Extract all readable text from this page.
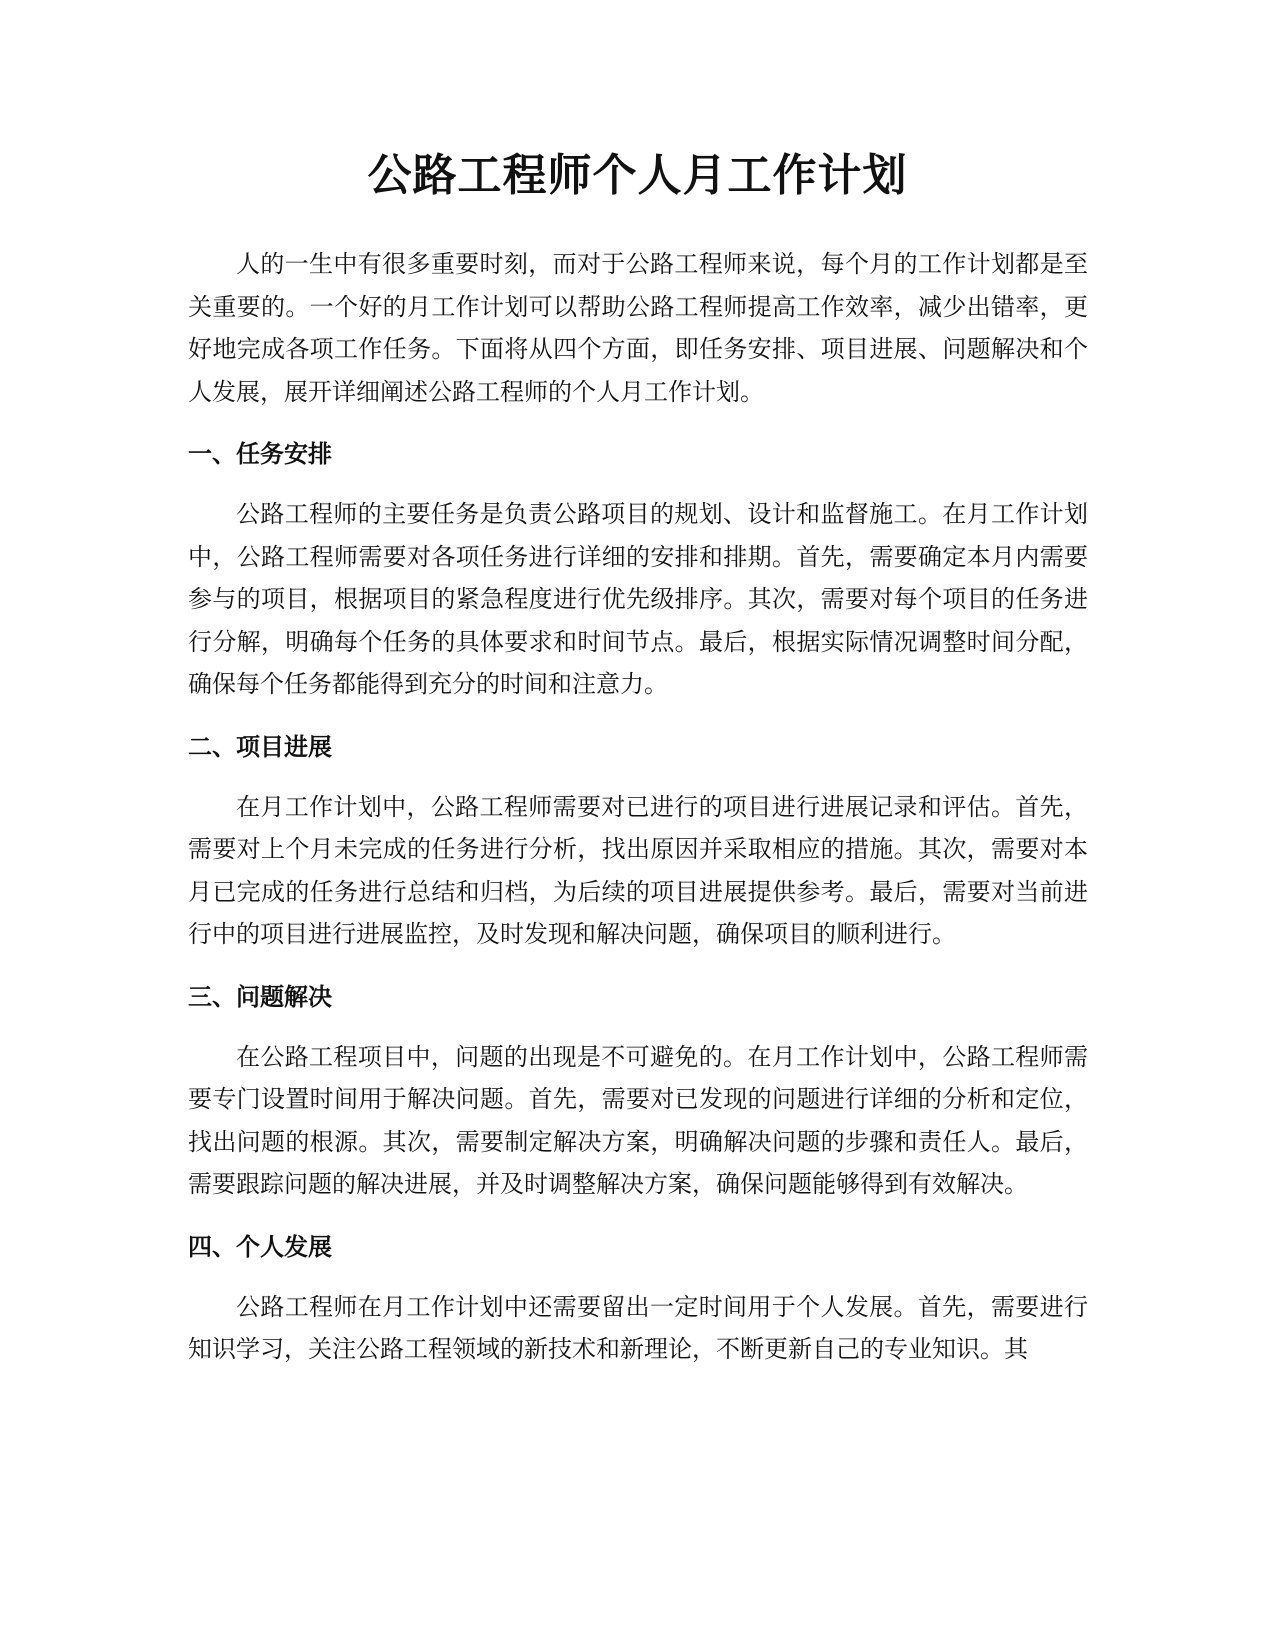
公路工程师个人月工作计划

人的一生中有很多重要时刻，而对于公路工程师来说，每个月的工作计划都是至关重要的。一个好的月工作计划可以帮助公路工程师提高工作效率，减少出错率，更好地完成各项工作任务。下面将从四个方面，即任务安排、项目进展、问题解决和个人发展，展开详细阐述公路工程师的个人月工作计划。

一、任务安排

公路工程师的主要任务是负责公路项目的规划、设计和监督施工。在月工作计划中，公路工程师需要对各项任务进行详细的安排和排期。首先，需要确定本月内需要参与的项目，根据项目的紧急程度进行优先级排序。其次，需要对每个项目的任务进行分解，明确每个任务的具体要求和时间节点。最后，根据实际情况调整时间分配，确保每个任务都能得到充分的时间和注意力。

二、项目进展

在月工作计划中，公路工程师需要对已进行的项目进行进展记录和评估。首先，需要对上个月未完成的任务进行分析，找出原因并采取相应的措施。其次，需要对本月已完成的任务进行总结和归档，为后续的项目进展提供参考。最后，需要对当前进行中的项目进行进展监控，及时发现和解决问题，确保项目的顺利进行。

三、问题解决

在公路工程项目中，问题的出现是不可避免的。在月工作计划中，公路工程师需要专门设置时间用于解决问题。首先，需要对已发现的问题进行详细的分析和定位，找出问题的根源。其次，需要制定解决方案，明确解决问题的步骤和责任人。最后，需要跟踪问题的解决进展，并及时调整解决方案，确保问题能够得到有效解决。

四、个人发展

公路工程师在月工作计划中还需要留出一定时间用于个人发展。首先，需要进行知识学习，关注公路工程领域的新技术和新理论，不断更新自己的专业知识。其
